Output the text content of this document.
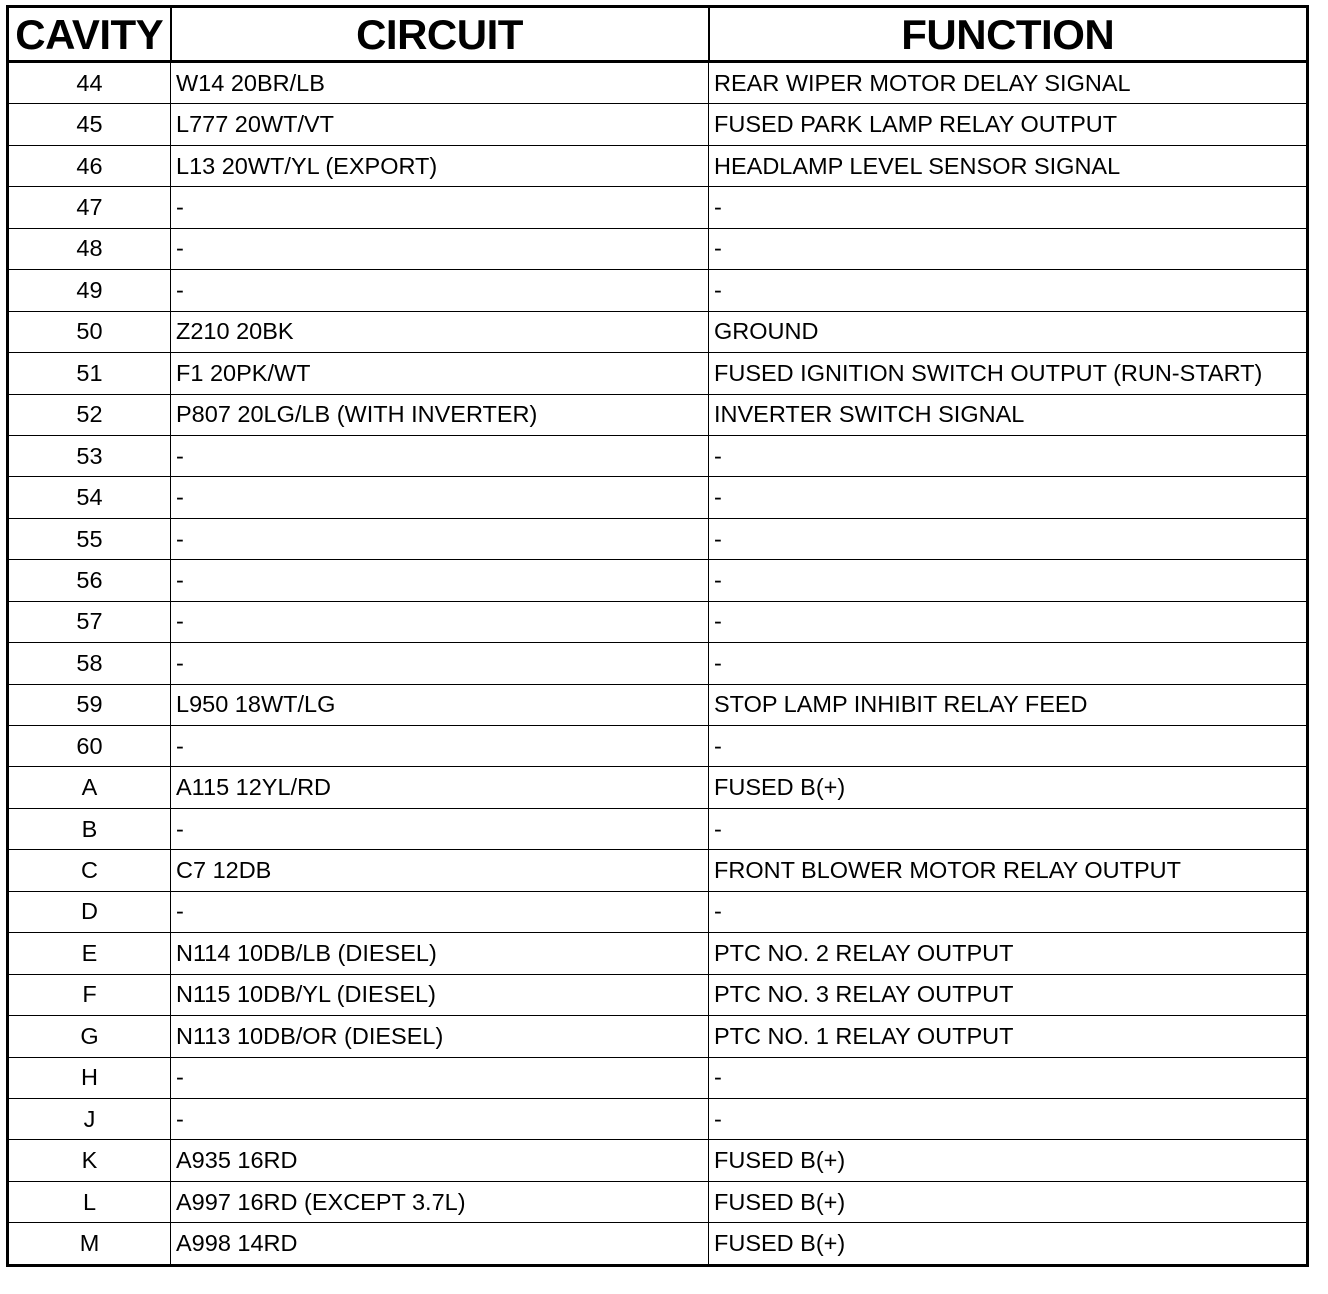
CAVITY	CIRCUIT	FUNCTION
44	W14 20BR/LB	REAR WIPER MOTOR DELAY SIGNAL
45	L777 20WT/VT	FUSED PARK LAMP RELAY OUTPUT
46	L13 20WT/YL (EXPORT)	HEADLAMP LEVEL SENSOR SIGNAL
47	-	-
48	-	-
49	-	-
50	Z210 20BK	GROUND
51	F1 20PK/WT	FUSED IGNITION SWITCH OUTPUT (RUN-START)
52	P807 20LG/LB (WITH INVERTER)	INVERTER SWITCH SIGNAL
53	-	-
54	-	-
55	-	-
56	-	-
57	-	-
58	-	-
59	L950 18WT/LG	STOP LAMP INHIBIT RELAY FEED
60	-	-
A	A115 12YL/RD	FUSED B(+)
B	-	-
C	C7 12DB	FRONT BLOWER MOTOR RELAY OUTPUT
D	-	-
E	N114 10DB/LB (DIESEL)	PTC NO. 2 RELAY OUTPUT
F	N115 10DB/YL (DIESEL)	PTC NO. 3 RELAY OUTPUT
G	N113 10DB/OR (DIESEL)	PTC NO. 1 RELAY OUTPUT
H	-	-
J	-	-
K	A935 16RD	FUSED B(+)
L	A997 16RD (EXCEPT 3.7L)	FUSED B(+)
M	A998 14RD	FUSED B(+)
